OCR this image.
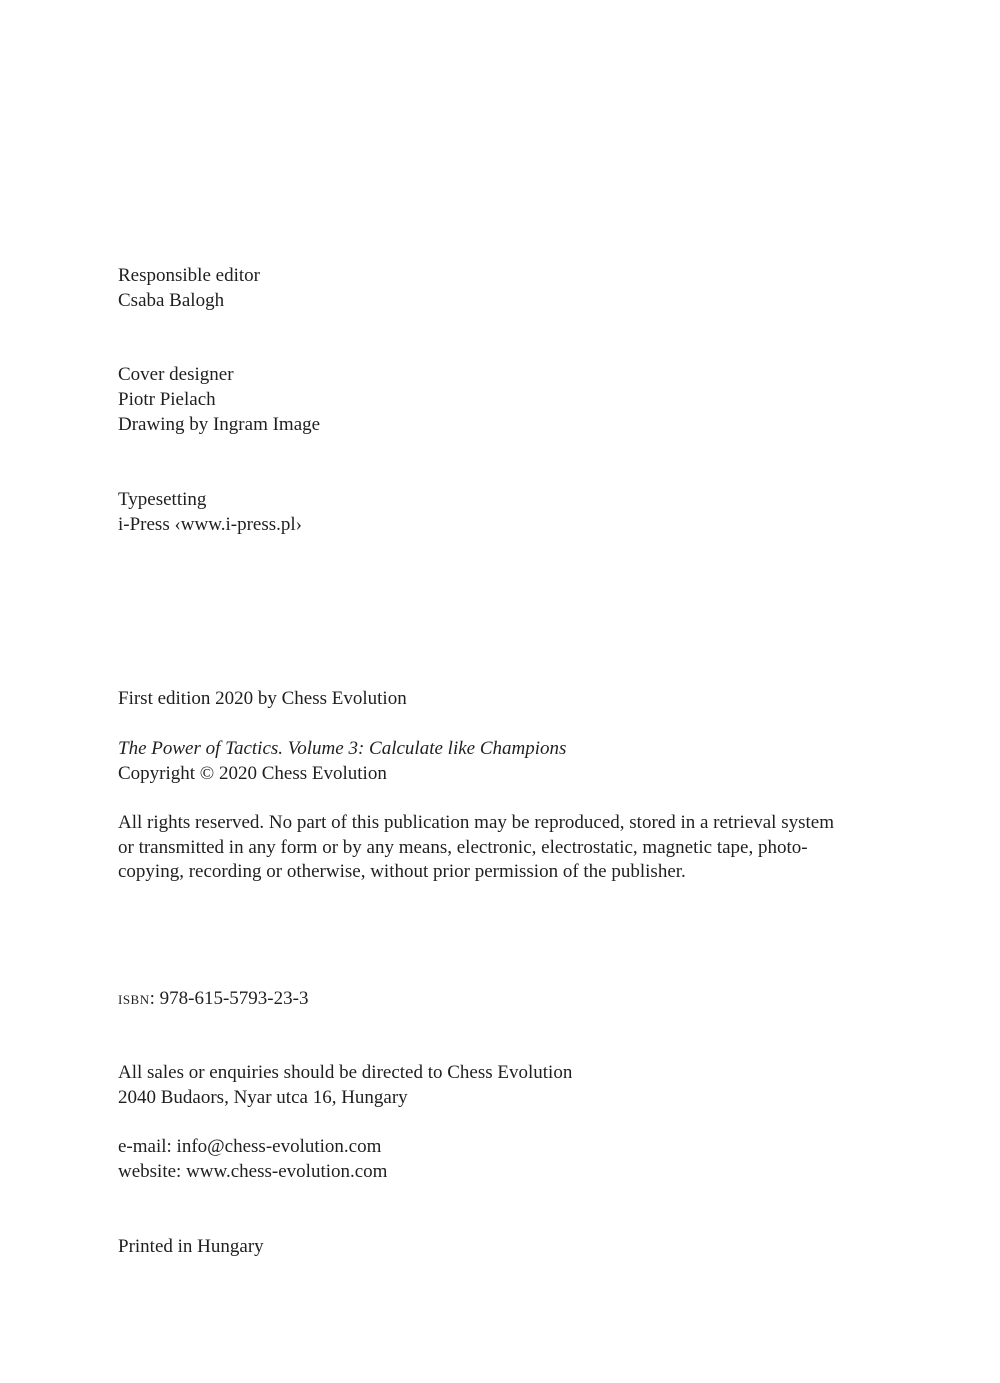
Responsible editor
Csaba Balogh
Cover designer
Piotr Pielach
Drawing by Ingram Image
Typesetting
i-Press ‹www.i-press.pl›
First edition 2020 by Chess Evolution
The Power of Tactics. Volume 3: Calculate like Champions
Copyright © 2020 Chess Evolution
All rights reserved. No part of this publication may be reproduced, stored in a retrieval system
or transmitted in any form or by any means, electronic, electrostatic, magnetic tape, photo-
copying, recording or otherwise, without prior permission of the publisher.
isbn: 978-615-5793-23-3
All sales or enquiries should be directed to Chess Evolution
2040 Budaors, Nyar utca 16, Hungary
e-mail: info@chess-evolution.com
website: www.chess-evolution.com
Printed in Hungary
